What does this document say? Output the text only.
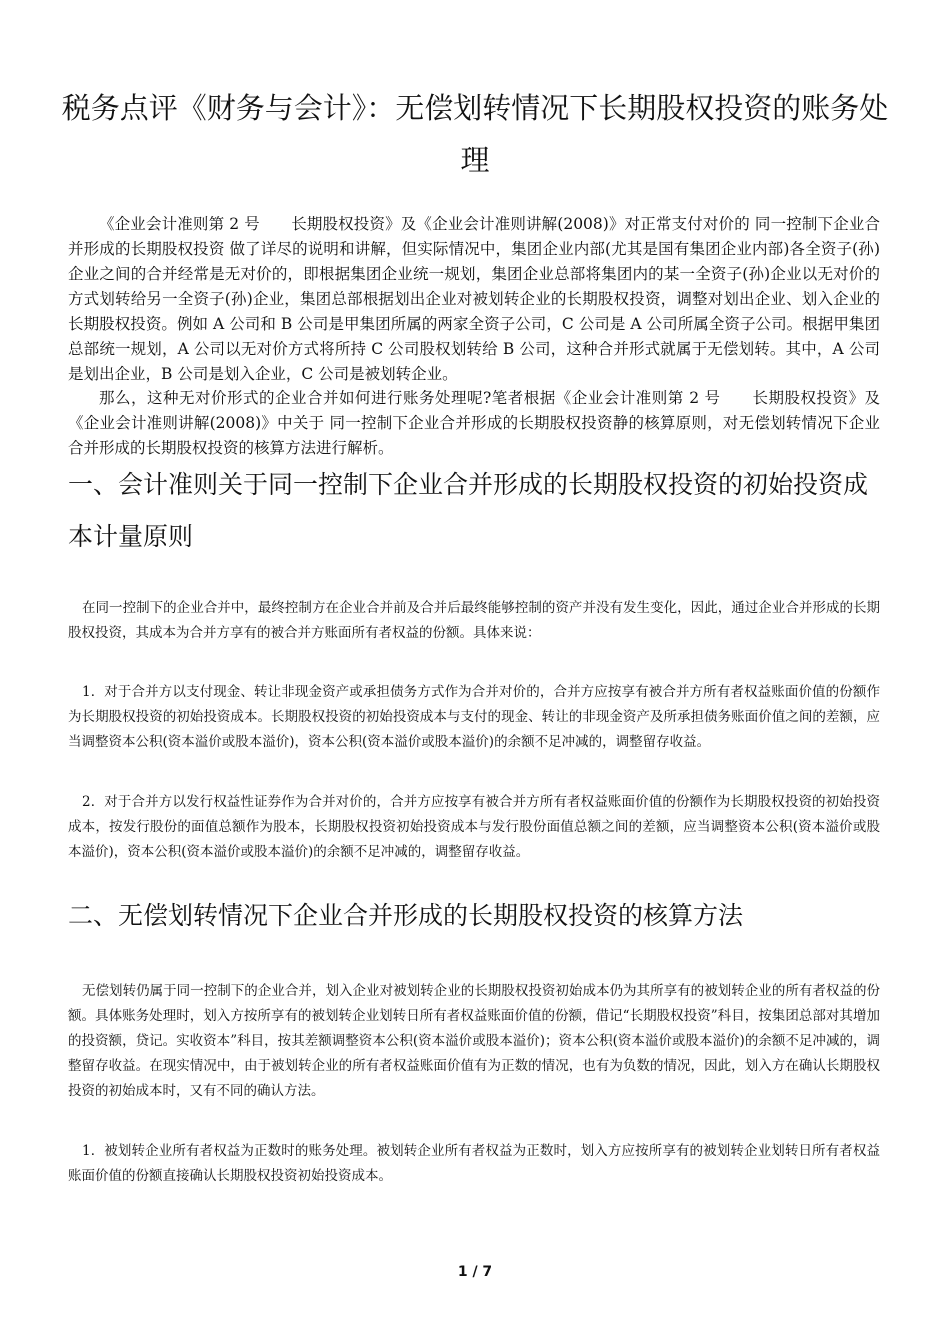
税务点评《财务与会计》：无偿划转情况下长期股权投资的账务处理

《企业会计准则第 2 号　　长期股权投资》及《企业会计准则讲解(2008)》对正常支付对价的 同一控制下企业合并形成的长期股权投资 做了详尽的说明和讲解，但实际情况中，集团企业内部(尤其是国有集团企业内部)各全资子(孙)企业之间的合并经常是无对价的，即根据集团企业统一规划，集团企业总部将集团内的某一全资子(孙)企业以无对价的方式划转给另一全资子(孙)企业，集团总部根据划出企业对被划转企业的长期股权投资，调整对划出企业、划入企业的长期股权投资。例如 A 公司和 B 公司是甲集团所属的两家全资子公司，C 公司是 A 公司所属全资子公司。根据甲集团总部统一规划，A 公司以无对价方式将所持 C 公司股权划转给 B 公司，这种合并形式就属于无偿划转。其中，A 公司是划出企业，B 公司是划入企业，C 公司是被划转企业。

那么，这种无对价形式的企业合并如何进行账务处理呢?笔者根据《企业会计准则第 2 号　　长期股权投资》及《企业会计准则讲解(2008)》中关于 同一控制下企业合并形成的长期股权投资静的核算原则，对无偿划转情况下企业合并形成的长期股权投资的核算方法进行解析。

一、会计准则关于同一控制下企业合并形成的长期股权投资的初始投资成本计量原则

在同一控制下的企业合并中，最终控制方在企业合并前及合并后最终能够控制的资产并没有发生变化，因此，通过企业合并形成的长期股权投资，其成本为合并方享有的被合并方账面所有者权益的份额。具体来说：

1．对于合并方以支付现金、转让非现金资产或承担债务方式作为合并对价的，合并方应按享有被合并方所有者权益账面价值的份额作为长期股权投资的初始投资成本。长期股权投资的初始投资成本与支付的现金、转让的非现金资产及所承担债务账面价值之间的差额，应当调整资本公积(资本溢价或股本溢价)，资本公积(资本溢价或股本溢价)的余额不足冲减的，调整留存收益。

2．对于合并方以发行权益性证券作为合并对价的，合并方应按享有被合并方所有者权益账面价值的份额作为长期股权投资的初始投资成本，按发行股份的面值总额作为股本，长期股权投资初始投资成本与发行股份面值总额之间的差额，应当调整资本公积(资本溢价或股本溢价)，资本公积(资本溢价或股本溢价)的余额不足冲减的，调整留存收益。

二、无偿划转情况下企业合并形成的长期股权投资的核算方法

无偿划转仍属于同一控制下的企业合并，划入企业对被划转企业的长期股权投资初始成本仍为其所享有的被划转企业的所有者权益的份额。具体账务处理时，划入方按所享有的被划转企业划转日所有者权益账面价值的份额，借记“长期股权投资”科目，按集团总部对其增加的投资额，贷记。实收资本”科目，按其差额调整资本公积(资本溢价或股本溢价)；资本公积(资本溢价或股本溢价)的余额不足冲减的，调整留存收益。在现实情况中，由于被划转企业的所有者权益账面价值有为正数的情况，也有为负数的情况，因此，划入方在确认长期股权投资的初始成本时，又有不同的确认方法。

1．被划转企业所有者权益为正数时的账务处理。被划转企业所有者权益为正数时，划入方应按所享有的被划转企业划转日所有者权益账面价值的份额直接确认长期股权投资初始投资成本。

1 / 7
